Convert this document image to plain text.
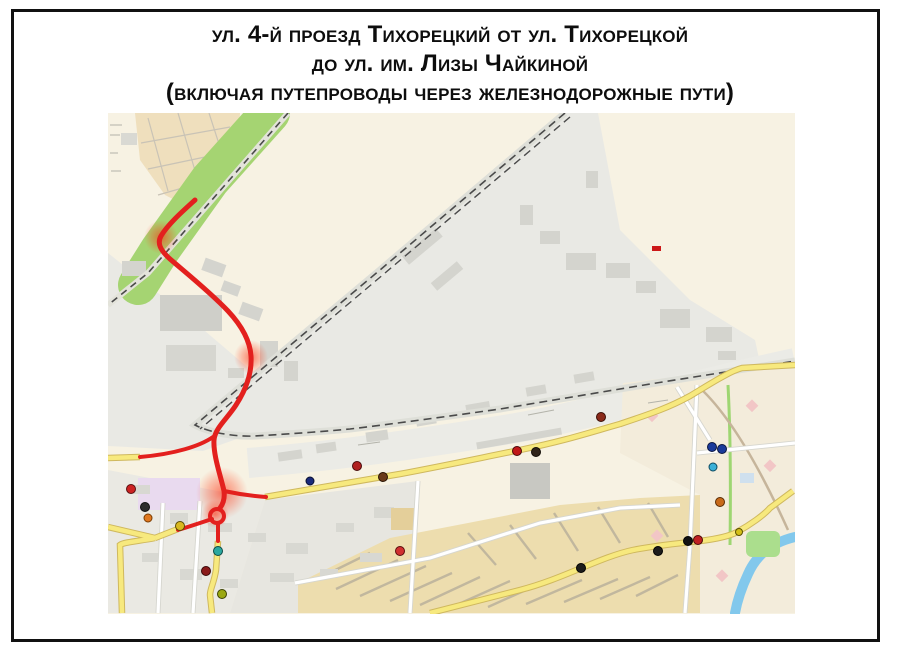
ул. 4-й проезд Тихорецкий от ул. Тихорецкой
до ул. им. Лизы Чайкиной
(включая путепроводы через железнодорожные пути)
